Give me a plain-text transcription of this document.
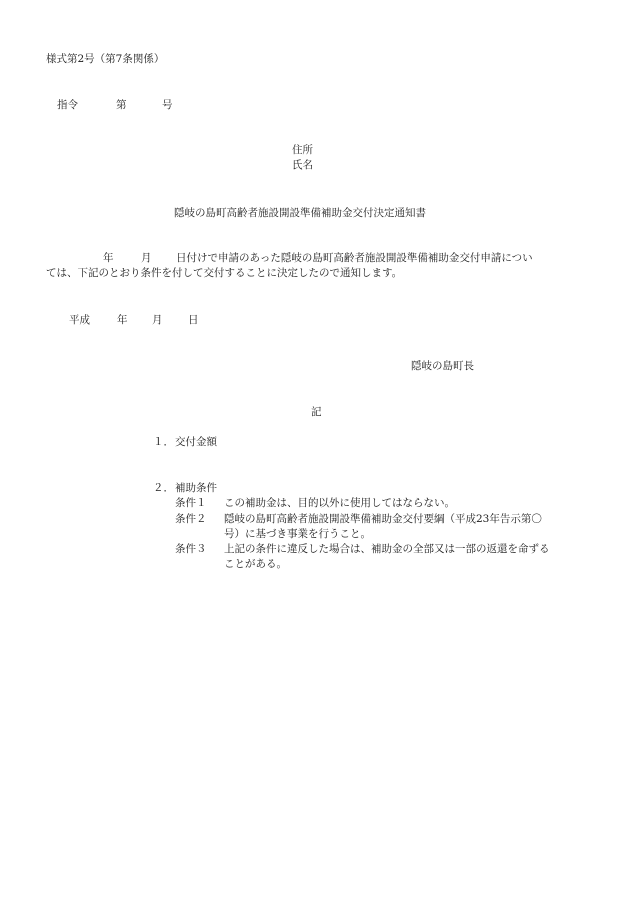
様式第2号（第7条関係）
指令	第	号
住所
氏名
隠岐の島町高齢者施設開設準備補助金交付決定通知書
年	月 日付けで申請のあった隠岐の島町高齢者施設開設準備補助金交付申請につい
ては、下記のとおり条件を付して交付することに決定したので通知します。
平成	年 月 日
隠岐の島町長
記
１． 交付金額
２． 補助条件
条件１ この補助金は、目的以外に使用してはならない。
条件２ 隠岐の島町高齢者施設開設準備補助金交付要綱（平成23年告示第〇
号）に基づき事業を行うこと。
条件３ 上記の条件に違反した場合は、補助金の全部又は一部の返還を命ずる
ことがある。
